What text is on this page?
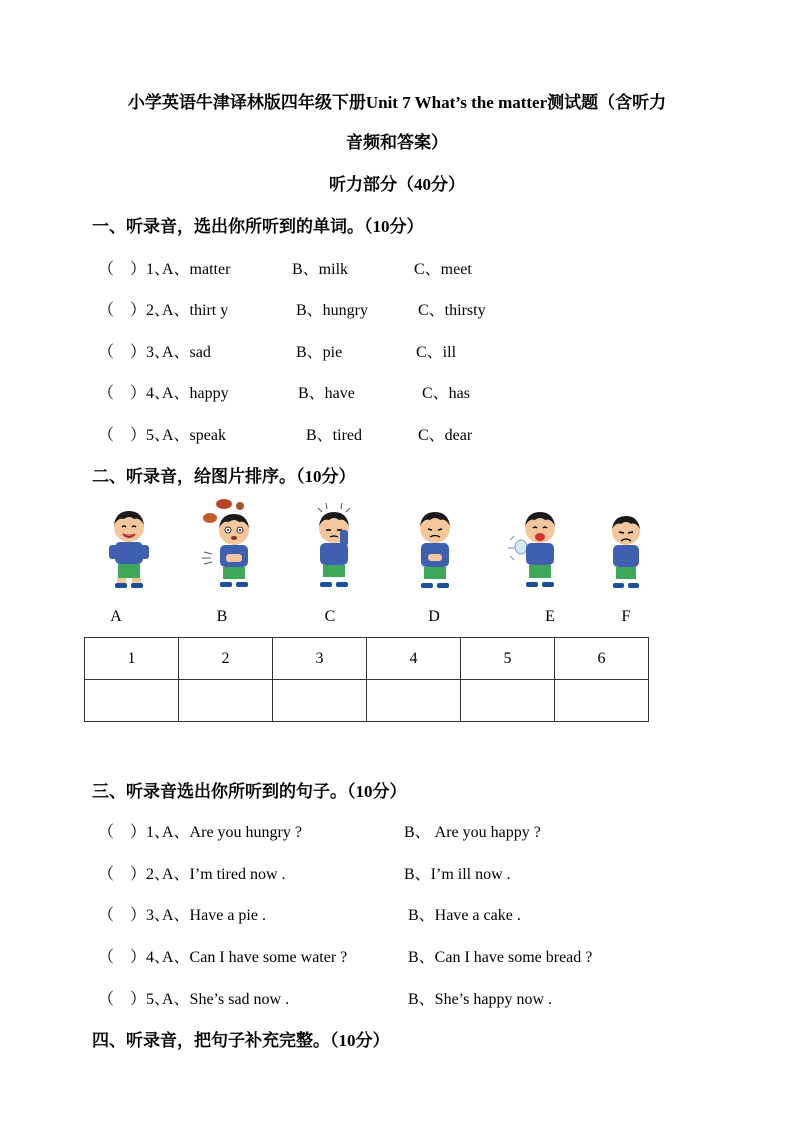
小学英语牛津译林版四年级下册Unit 7 What’s the matter测试题（含听力
音频和答案）
听力部分（40分）
一、听录音，选出你所听到的单词。（10分）
（　）1、
A、matter	B、milk	C、meet
（　）2、
A、thirt y	B、hungry	C、thirsty
（　）3、
A、sad	B、pie	C、ill
（　）4、
A、happy	B、have	C、has
（　）5、
A、speak	B、tired	C、dear
二、听录音，给图片排序。（10分）
A	B	C	D	E	F
1	2	3	4	5	6

三、听录音选出你所听到的句子。（10分）
（　）1、
A、Are you hungry ?	B、 Are you happy ?
（　）2、
A、I’m tired now .	B、I’m ill now .
（　）3、
A、Have a pie .	B、Have a cake .
（　）4、
A、Can I have some water ?	B、Can I have some bread ?
（　）5、
A、She’s sad now .	B、She’s happy now .
四、听录音，把句子补充完整。（10分）
